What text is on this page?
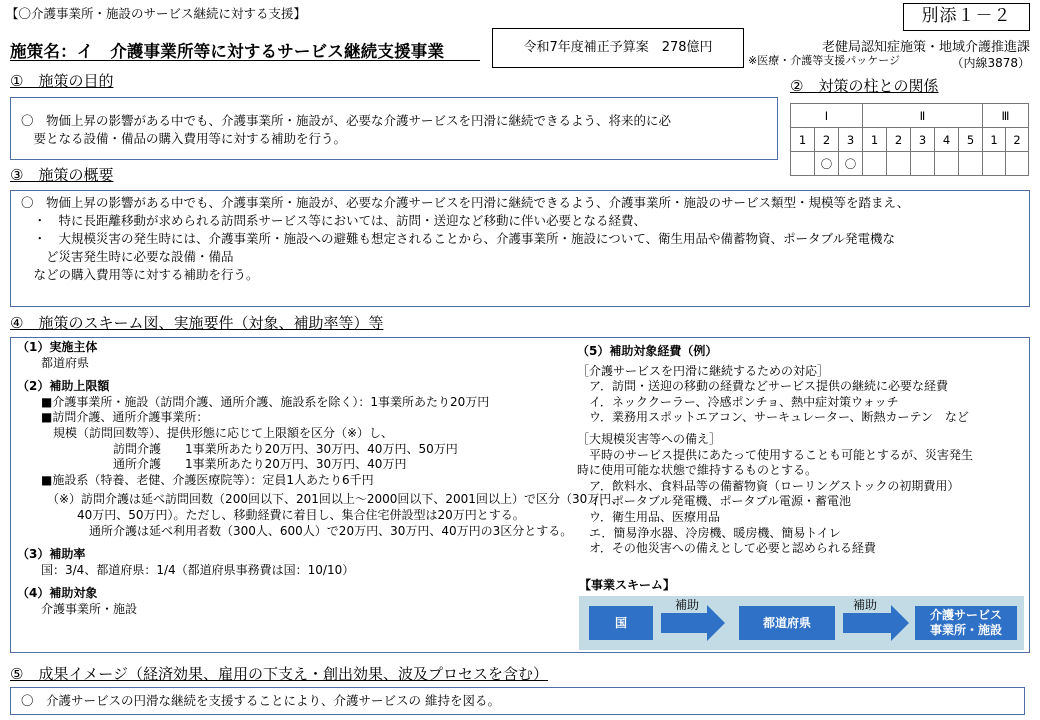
【〇介護事業所・施設のサービス継続に対する支援】	別添１－２
施策名：イ　介護事業所等に対するサービス継続支援事業	令和7年度補正予算案　278億円	老健局認知症施策・地域介護推進課
※医療・介護等支援パッケージ	（内線3878）
①　施策の目的
〇　物価上昇の影響がある中でも、介護事業所・施設が、必要な介護サービスを円滑に継続できるよう、将来的に必
　要となる設備・備品の購入費用等に対する補助を行う。
②　対策の柱との関係
Ⅰ			Ⅱ					Ⅲ	
1	2	3	1	2	3	4	5	1	2
	〇	〇							
③　施策の概要

〇　物価上昇の影響がある中でも、介護事業所・施設が、必要な介護サービスを円滑に継続できるよう、介護事業所・施設のサービス類型・規模等を踏まえ、

　・　特に長距離移動が求められる訪問系サービス等においては、訪問・送迎など移動に伴い必要となる経費、

　・　大規模災害の発生時には、介護事業所・施設への避難も想定されることから、介護事業所・施設について、衛生用品や備蓄物資、ポータブル発電機な

　　ど災害発生時に必要な設備・備品

　などの購入費用等に対する補助を行う。

④　施策のスキーム図、実施要件（対象、補助率等）等
（1）実施主体
　　都道府県
（2）補助上限額
　　■介護事業所・施設（訪問介護、通所介護、施設系を除く）：1事業所あたり20万円
　　■訪問介護、通所介護事業所：
　　　規模（訪問回数等）、提供形態に応じて上限額を区分（※）し、
　　　　　　　　訪問介護　　1事業所あたり20万円、30万円、40万円、50万円
　　　　　　　　通所介護　　1事業所あたり20万円、30万円、40万円
　　■施設系（特養、老健、介護医療院等）：定員1人あたり6千円
　　　（※）訪問介護は延べ訪問回数（200回以下、201回以上～2000回以下、2001回以上）で区分（30万円、
　　　　　40万円、50万円）。ただし、移動経費に着目し、集合住宅併設型は20万円とする。
　　　　　　通所介護は延べ利用者数（300人、600人）で20万円、30万円、40万円の3区分とする。
（3）補助率
　　国：3/4、都道府県：1/4（都道府県事務費は国：10/10）
（4）補助対象
　　介護事業所・施設
（5）補助対象経費（例）
［介護サービスを円滑に継続するための対応］
　ア．訪問・送迎の移動の経費などサービス提供の継続に必要な経費
　イ．ネッククーラー、冷感ポンチョ、熱中症対策ウォッチ
　ウ．業務用スポットエアコン、サーキュレーター、断熱カーテン　など
［大規模災害等への備え］
　平時のサービス提供にあたって使用することも可能とするが、災害発生
時に使用可能な状態で維持するものとする。
　ア．飲料水、食料品等の備蓄物資（ローリングストックの初期費用）
　イ．ポータブル発電機、ポータブル電源・蓄電池
　ウ．衛生用品、医療用品
　エ．簡易浄水器、冷房機、暖房機、簡易トイレ
　オ．その他災害への備えとして必要と認められる経費
【事業スキーム】
国
補助
都道府県
補助
介護サービス
事業所・施設
⑤　成果イメージ（経済効果、雇用の下支え・創出効果、波及プロセスを含む）
〇　介護サービスの円滑な継続を支援することにより、介護サービスの 維持を図る。
